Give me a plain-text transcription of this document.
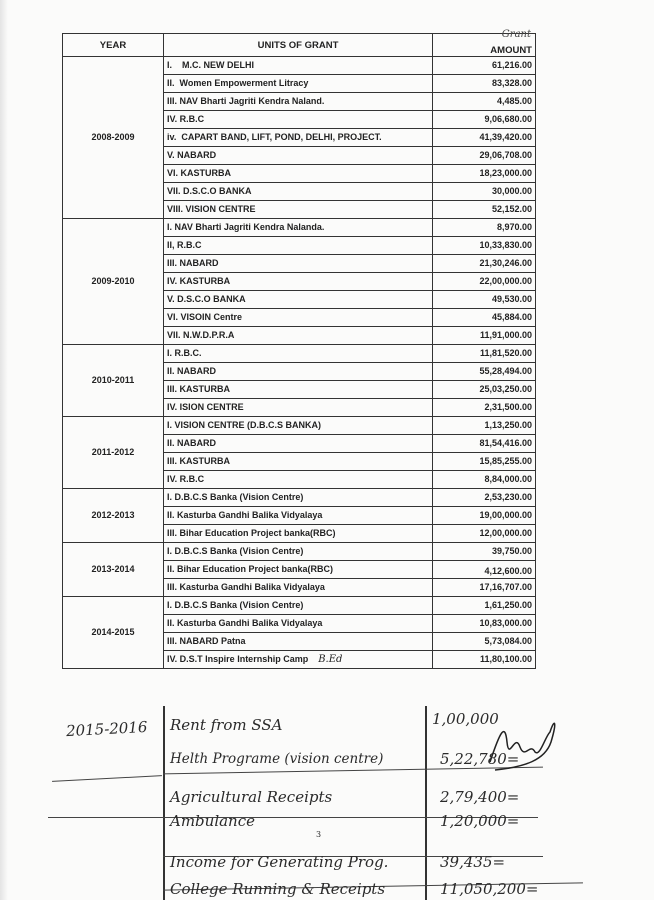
YEAR	UNITS OF GRANT	Grant
AMOUNT

2008-2009	I.    M.C. NEW DELHI	61,216.00
	II.  Women Empowerment Litracy	83,328.00
	III. NAV Bharti Jagriti Kendra Naland.	4,485.00
	IV. R.B.C	9,06,680.00
	iv.  CAPART BAND, LIFT, POND, DELHI, PROJECT.	41,39,420.00
	V. NABARD	29,06,708.00
	VI. KASTURBA	18,23,000.00
	VII. D.S.C.O BANKA	30,000.00
	VIII. VISION CENTRE	52,152.00
2009-2010	I. NAV Bharti Jagriti Kendra Nalanda.	8,970.00
	II, R.B.C	10,33,830.00
	III. NABARD	21,30,246.00
	IV. KASTURBA	22,00,000.00
	V. D.S.C.O BANKA	49,530.00
	VI. VISOIN Centre	45,884.00
	VII. N.W.D.P.R.A	11,91,000.00
2010-2011	I. R.B.C.	11,81,520.00
	II. NABARD	55,28,494.00
	III. KASTURBA	25,03,250.00
	IV. ISION CENTRE	2,31,500.00
2011-2012	I. VISION CENTRE (D.B.C.S BANKA)	1,13,250.00
	II. NABARD	81,54,416.00
	III. KASTURBA	15,85,255.00
	IV. R.B.C	8,84,000.00
2012-2013	I. D.B.C.S Banka (Vision Centre)	2,53,230.00
	II. Kasturba Gandhi Balika Vidyalaya	19,00,000.00
	III. Bihar Education Project banka(RBC)	12,00,000.00
2013-2014	I. D.B.C.S Banka (Vision Centre)	39,750.00
	II. Bihar Education Project banka(RBC)	4,12,600.00
	III. Kasturba Gandhi Balika Vidyalaya	17,16,707.00
2014-2015	I. D.B.C.S Banka (Vision Centre)	1,61,250.00
	II. Kasturba Gandhi Balika Vidyalaya	10,83,000.00
	III. NABARD Patna	5,73,084.00
	IV. D.S.T Inspire Internship Camp B.Ed	11,80,100.00
2015-2016 Rent from SSA	1,00,000
Helth Programe (vision centre)	5,22,780=
Agricultural Receipts	2,79,400=
Ambulance	1,20,000=
Income for Generating Prog.	39,435=
College Running & Receipts	11,050,200=
3
